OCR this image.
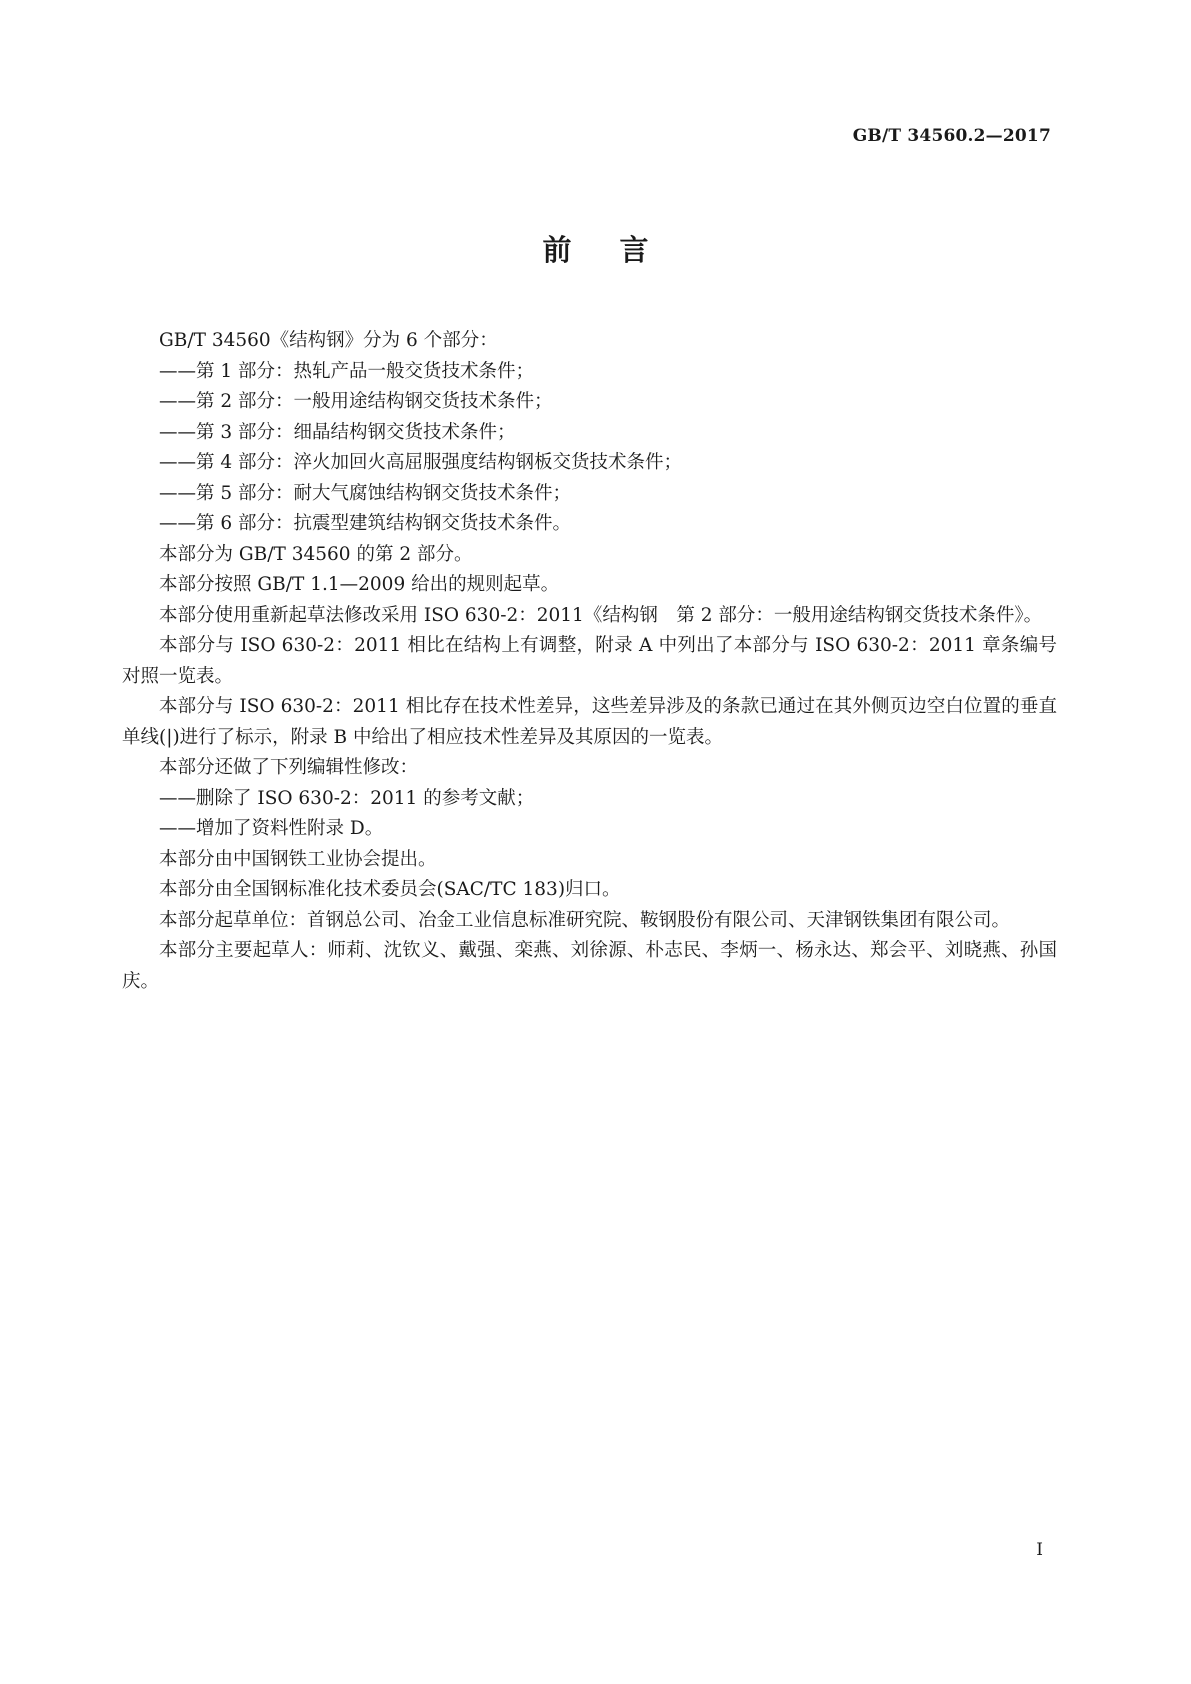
GB/T 34560.2—2017
前言

GB/T 34560《结构钢》分为 6 个部分：

——第 1 部分：热轧产品一般交货技术条件；

——第 2 部分：一般用途结构钢交货技术条件；

——第 3 部分：细晶结构钢交货技术条件；

——第 4 部分：淬火加回火高屈服强度结构钢板交货技术条件；

——第 5 部分：耐大气腐蚀结构钢交货技术条件；

——第 6 部分：抗震型建筑结构钢交货技术条件。

本部分为 GB/T 34560 的第 2 部分。

本部分按照 GB/T 1.1—2009 给出的规则起草。

本部分使用重新起草法修改采用 ISO 630-2：2011《结构钢　第 2 部分：一般用途结构钢交货技术条件》。

本部分与 ISO 630-2：2011 相比在结构上有调整，附录 A 中列出了本部分与 ISO 630-2：2011 章条编号对照一览表。

本部分与 ISO 630-2：2011 相比存在技术性差异，这些差异涉及的条款已通过在其外侧页边空白位置的垂直单线(|)进行了标示，附录 B 中给出了相应技术性差异及其原因的一览表。

本部分还做了下列编辑性修改：

——删除了 ISO 630-2：2011 的参考文献；

——增加了资料性附录 D。

本部分由中国钢铁工业协会提出。

本部分由全国钢标准化技术委员会(SAC/TC 183)归口。

本部分起草单位：首钢总公司、冶金工业信息标准研究院、鞍钢股份有限公司、天津钢铁集团有限公司。

本部分主要起草人：师莉、沈钦义、戴强、栾燕、刘徐源、朴志民、李炳一、杨永达、郑会平、刘晓燕、孙国庆。

I
